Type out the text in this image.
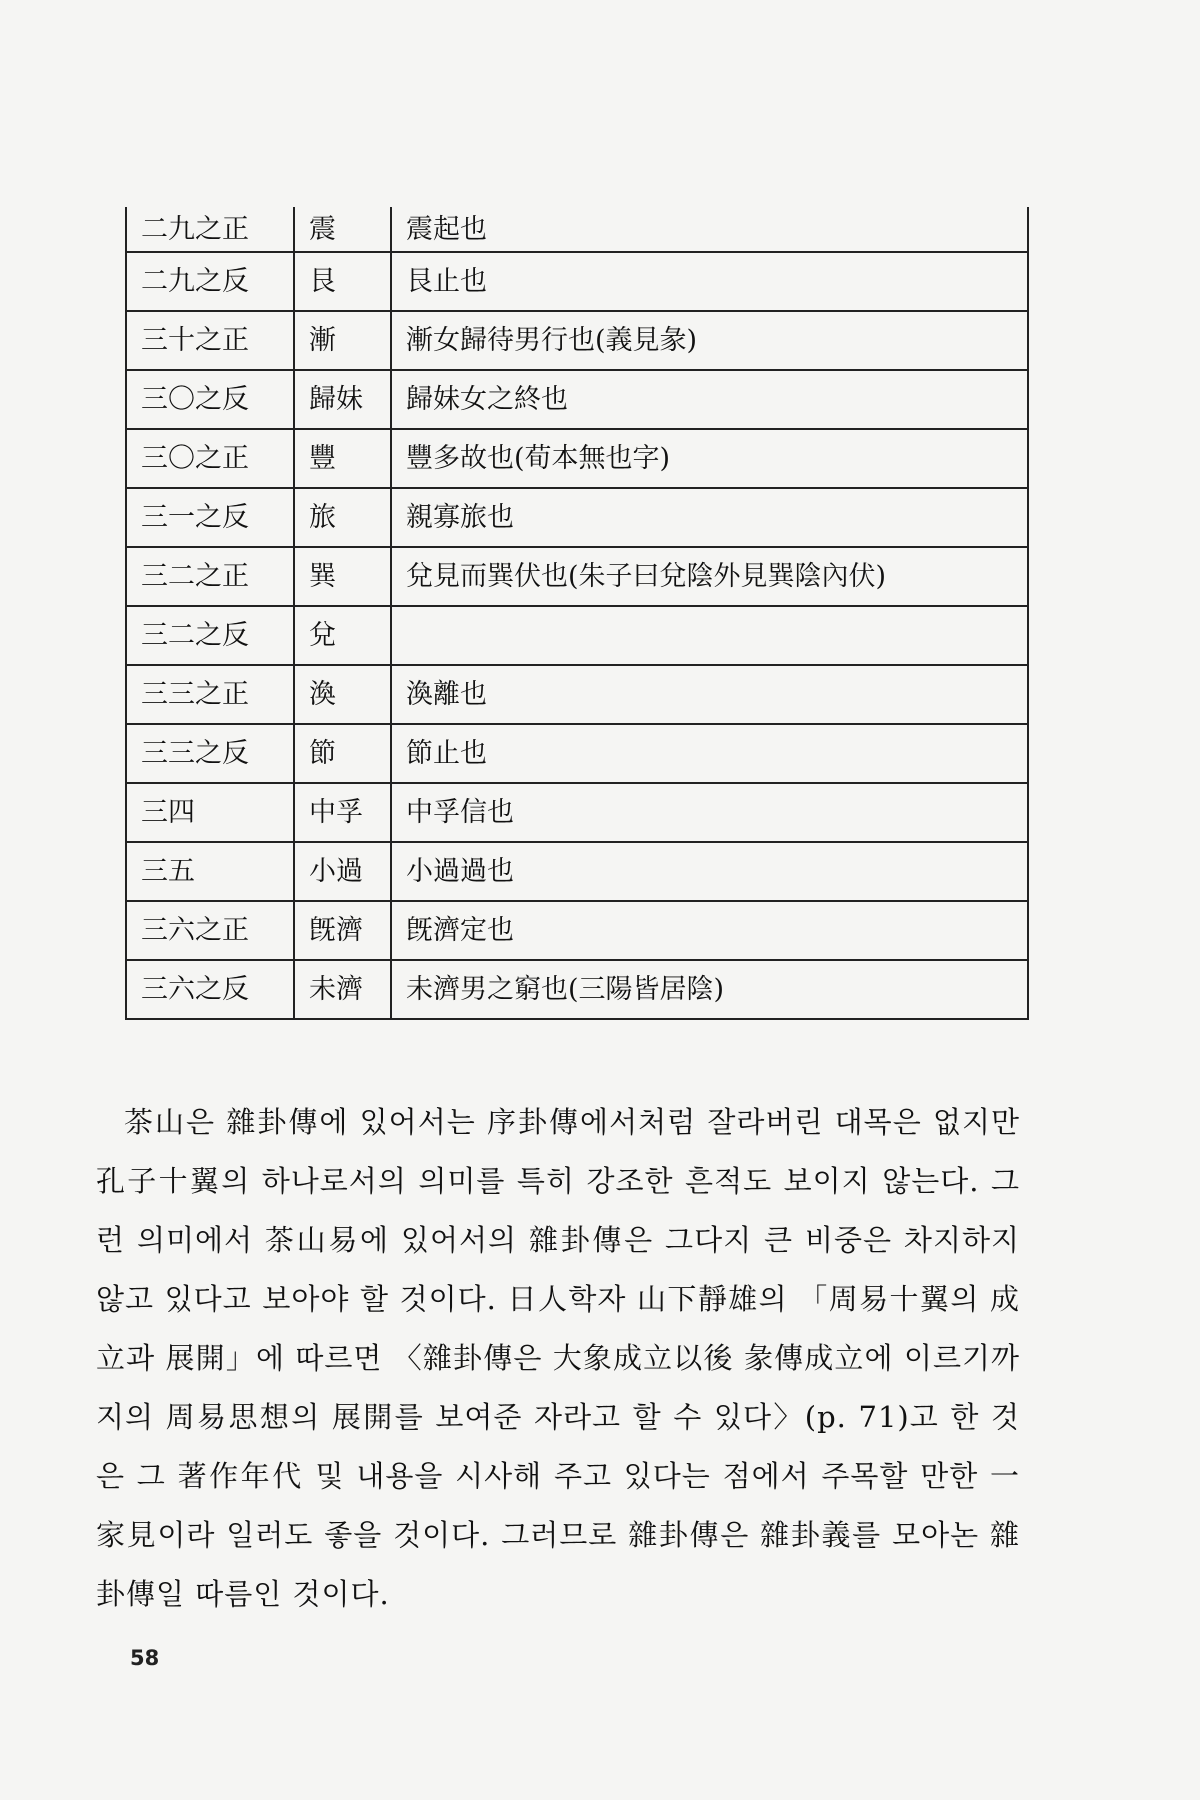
二九之正	震	震起也
二九之反	艮	艮止也
三十之正	漸	漸女歸待男行也(義見彖)
三〇之反	歸妹	歸妹女之終也
三〇之正	豐	豐多故也(荀本無也字)
三一之反	旅	親寡旅也
三二之正	巽	兌見而巽伏也(朱子曰兌陰外見巽陰內伏)
三二之反	兌	
三三之正	渙	渙離也
三三之反	節	節止也
三四	中孚	中孚信也
三五	小過	小過過也
三六之正	旣濟	旣濟定也
三六之反	未濟	未濟男之窮也(三陽皆居陰)

茶山은 雜卦傳에 있어서는 序卦傳에서처럼 잘라버린 대목은 없지만 孔子十翼의 하나로서의 의미를 특히 강조한 흔적도 보이지 않는다. 그런 의미에서 茶山易에 있어서의 雜卦傳은 그다지 큰 비중은 차지하지 않고 있다고 보아야 할 것이다. 日人학자 山下靜雄의 「周易十翼의 成立과 展開」에 따르면 〈雜卦傳은 大象成立以後 彖傳成立에 이르기까지의 周易思想의 展開를 보여준 자라고 할 수 있다〉(p. 71)고 한 것은 그 著作年代 및 내용을 시사해 주고 있다는 점에서 주목할 만한 一家見이라 일러도 좋을 것이다. 그러므로 雜卦傳은 雜卦義를 모아논 雜卦傳일 따름인 것이다.

58
